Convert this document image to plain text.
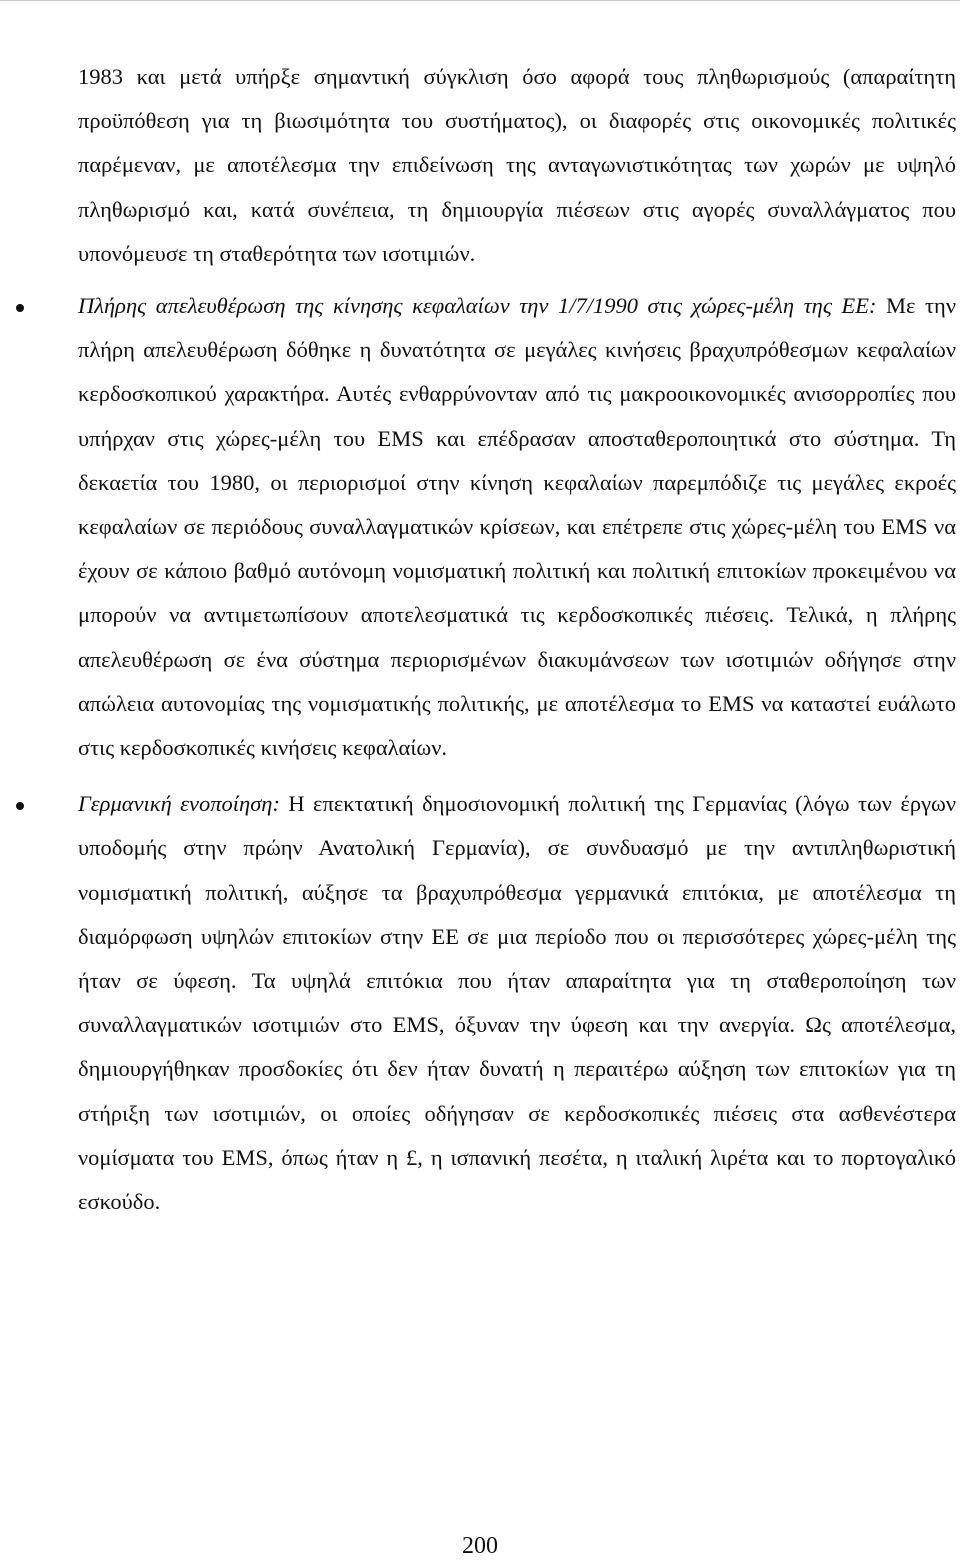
1983 και μετά υπήρξε σημαντική σύγκλιση όσο αφορά τους πληθωρισμούς (απαραίτητη προϋπόθεση για τη βιωσιμότητα του συστήματος), οι διαφορές στις οικονομικές πολιτικές παρέμεναν, με αποτέλεσμα την επιδείνωση της ανταγωνιστικότητας των χωρών με υψηλό πληθωρισμό και, κατά συνέπεια, τη δημιουργία πιέσεων στις αγορές συναλλάγματος που υπονόμευσε τη σταθερότητα των ισοτιμιών.

Πλήρης απελευθέρωση της κίνησης κεφαλαίων την 1/7/1990 στις χώρες-μέλη της ΕΕ: Με την πλήρη απελευθέρωση δόθηκε η δυνατότητα σε μεγάλες κινήσεις βραχυπρόθεσμων κεφαλαίων κερδοσκοπικού χαρακτήρα. Αυτές ενθαρρύνονταν από τις μακροοικονομικές ανισορροπίες που υπήρχαν στις χώρες-μέλη του EMS και επέδρασαν αποσταθεροποιητικά στο σύστημα. Τη δεκαετία του 1980, οι περιορισμοί στην κίνηση κεφαλαίων παρεμπόδιζε τις μεγάλες εκροές κεφαλαίων σε περιόδους συναλλαγματικών κρίσεων, και επέτρεπε στις χώρες-μέλη του EMS να έχουν σε κάποιο βαθμό αυτόνομη νομισματική πολιτική και πολιτική επιτοκίων προκειμένου να μπορούν να αντιμετωπίσουν αποτελεσματικά τις κερδοσκοπικές πιέσεις. Τελικά, η πλήρης απελευθέρωση σε ένα σύστημα περιορισμένων διακυμάνσεων των ισοτιμιών οδήγησε στην απώλεια αυτονομίας της νομισματικής πολιτικής, με αποτέλεσμα το EMS να καταστεί ευάλωτο στις κερδοσκοπικές κινήσεις κεφαλαίων.

Γερμανική ενοποίηση: Η επεκτατική δημοσιονομική πολιτική της Γερμανίας (λόγω των έργων υποδομής στην πρώην Ανατολική Γερμανία), σε συνδυασμό με την αντιπληθωριστική νομισματική πολιτική, αύξησε τα βραχυπρόθεσμα γερμανικά επιτόκια, με αποτέλεσμα τη διαμόρφωση υψηλών επιτοκίων στην ΕΕ σε μια περίοδο που οι περισσότερες χώρες-μέλη της ήταν σε ύφεση. Τα υψηλά επιτόκια που ήταν απαραίτητα για τη σταθεροποίηση των συναλλαγματικών ισοτιμιών στο EMS, όξυναν την ύφεση και την ανεργία. Ως αποτέλεσμα, δημιουργήθηκαν προσδοκίες ότι δεν ήταν δυνατή η περαιτέρω αύξηση των επιτοκίων για τη στήριξη των ισοτιμιών, οι οποίες οδήγησαν σε κερδοσκοπικές πιέσεις στα ασθενέστερα νομίσματα του EMS, όπως ήταν η £, η ισπανική πεσέτα, η ιταλική λιρέτα και το πορτογαλικό εσκούδο.

200
